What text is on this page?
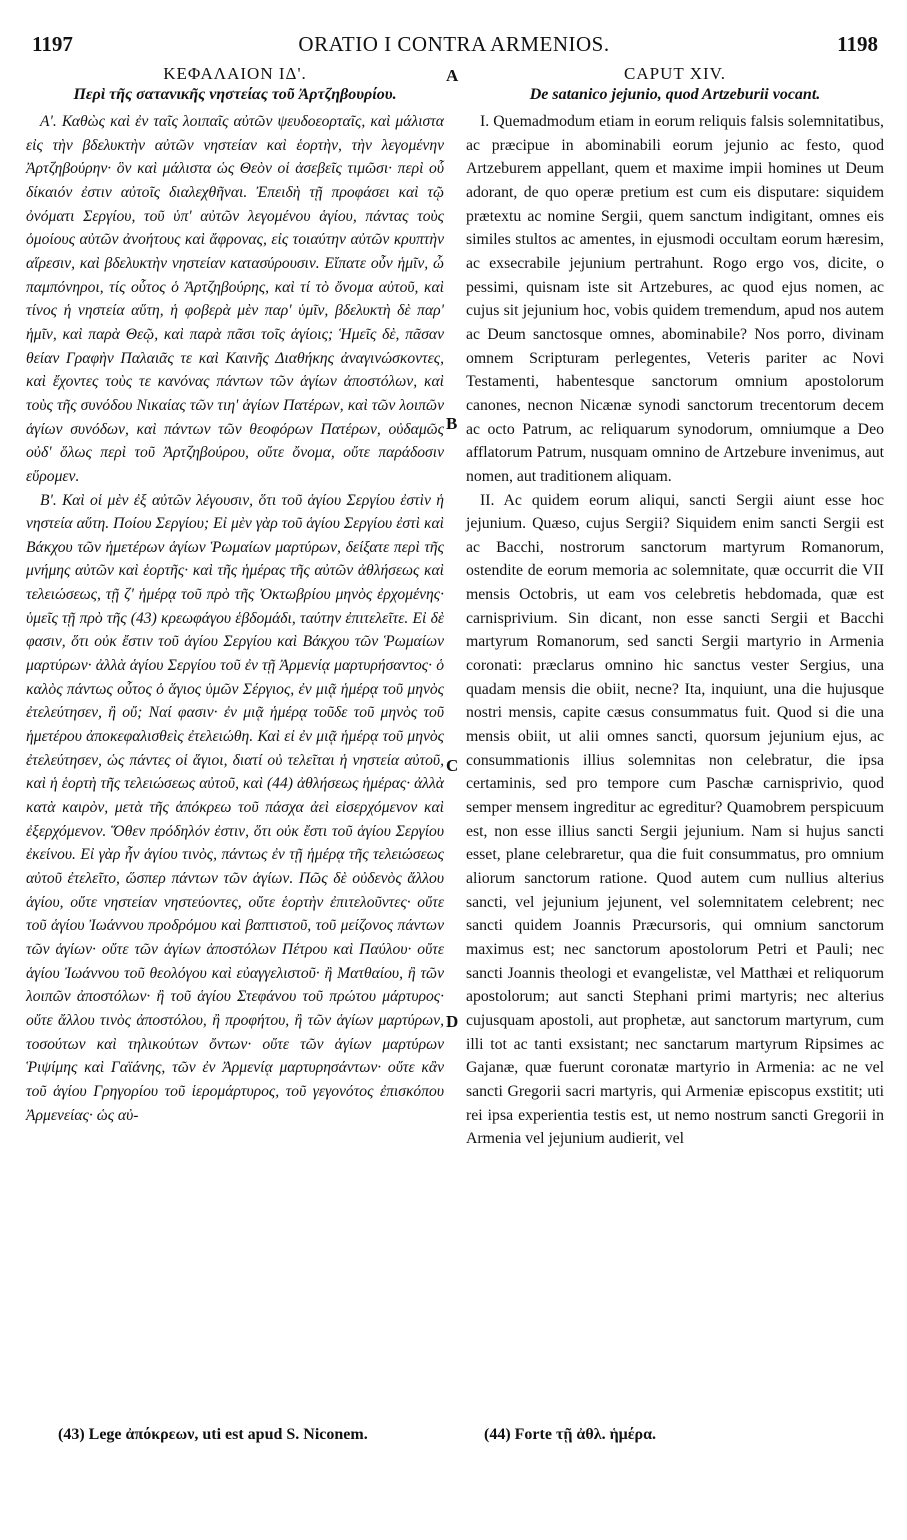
1197	ORATIO I CONTRA ARMENIOS.	1198
ΚΕΦΑΛΑΙΟΝ ΙΔ'.
Περὶ τῆς σατανικῆς νηστείας τοῦ Ἀρτζηβουρίου.

Α'. Καθὼς καὶ ἐν ταῖς λοιπαῖς αὐτῶν ψευδοεορταῖς, καὶ μάλιστα εἰς τὴν βδελυκτὴν αὐτῶν νηστείαν καὶ ἑορτὴν, τὴν λεγομένην Ἀρτζηβούρην· ὃν καὶ μάλιστα ὡς Θεὸν οἱ ἀσεβεῖς τιμῶσι· περὶ οὗ δίκαιόν ἐστιν αὐτοῖς διαλεχθῆναι. Ἐπειδὴ τῇ προφάσει καὶ τῷ ὀνόματι Σεργίου, τοῦ ὑπ' αὐτῶν λεγομένου ἁγίου, πάντας τοὺς ὁμοίους αὐτῶν ἀνοήτους καὶ ἄφρονας, εἰς τοιαύτην αὐτῶν κρυπτὴν αἵρεσιν, καὶ βδελυκτὴν νηστείαν κατασύρουσιν. Εἴπατε οὖν ἡμῖν, ὦ παμπόνηροι, τίς οὗτος ὁ Ἀρτζηβούρης, καὶ τί τὸ ὄνομα αὐτοῦ, καὶ τίνος ἡ νηστεία αὕτη, ἡ φοβερὰ μὲν παρ' ὑμῖν, βδελυκτὴ δὲ παρ' ἡμῖν, καὶ παρὰ Θεῷ, καὶ παρὰ πᾶσι τοῖς ἁγίοις; Ἡμεῖς δὲ, πᾶσαν θείαν Γραφὴν Παλαιᾶς τε καὶ Καινῆς Διαθήκης ἀναγινώσκοντες, καὶ ἔχοντες τοὺς τε κανόνας πάντων τῶν ἁγίων ἀποστόλων, καὶ τοὺς τῆς συνόδου Νικαίας τῶν τιη' ἁγίων Πατέρων, καὶ τῶν λοιπῶν ἁγίων συνόδων, καὶ πάντων τῶν θεοφόρων Πατέρων, οὐδαμῶς οὐδ' ὅλως περὶ τοῦ Ἀρτζηβούρου, οὔτε ὄνομα, οὔτε παράδοσιν εὕρομεν.

Β'. Καὶ οἱ μὲν ἐξ αὐτῶν λέγουσιν, ὅτι τοῦ ἁγίου Σεργίου ἐστὶν ἡ νηστεία αὕτη. Ποίου Σεργίου; Εἰ μὲν γὰρ τοῦ ἁγίου Σεργίου ἐστὶ καὶ Βάκχου τῶν ἡμετέρων ἁγίων Ῥωμαίων μαρτύρων, δείξατε περὶ τῆς μνήμης αὐτῶν καὶ ἑορτῆς· καὶ τῆς ἡμέρας τῆς αὐτῶν ἀθλήσεως καὶ τελειώσεως, τῇ ζ' ἡμέρᾳ τοῦ πρὸ τῆς Ὀκτωβρίου μηνὸς ἐρχομένης· ὑμεῖς τῇ πρὸ τῆς (43) κρεωφάγου ἑβδομάδι, ταύτην ἐπιτελεῖτε. Εἰ δὲ φασιν, ὅτι οὐκ ἔστιν τοῦ ἁγίου Σεργίου καὶ Βάκχου τῶν Ῥωμαίων μαρτύρων· ἀλλὰ ἁγίου Σεργίου τοῦ ἐν τῇ Ἀρμενίᾳ μαρτυρήσαντος· ὁ καλὸς πάντως οὗτος ὁ ἅγιος ὑμῶν Σέργιος, ἐν μιᾷ ἡμέρᾳ τοῦ μηνὸς ἐτελεύτησεν, ἢ οὔ; Ναί φασιν· ἐν μιᾷ ἡμέρᾳ τοῦδε τοῦ μηνὸς τοῦ ἡμετέρου ἀποκεφαλισθεὶς ἐτελειώθη. Καὶ εἰ ἐν μιᾷ ἡμέρᾳ τοῦ μηνὸς ἐτελεύτησεν, ὡς πάντες οἱ ἅγιοι, διατί οὐ τελεῖται ἡ νηστεία αὐτοῦ, καὶ ἡ ἑορτὴ τῆς τελειώσεως αὐτοῦ, καὶ (44) ἀθλήσεως ἡμέρας· ἀλλὰ κατὰ καιρὸν, μετὰ τῆς ἀπόκρεω τοῦ πάσχα ἀεὶ εἰσερχόμενον καὶ ἐξερχόμενον. Ὅθεν πρόδηλόν ἐστιν, ὅτι οὐκ ἔστι τοῦ ἁγίου Σεργίου ἐκείνου. Εἰ γὰρ ἦν ἁγίου τινὸς, πάντως ἐν τῇ ἡμέρᾳ τῆς τελειώσεως αὐτοῦ ἐτελεῖτο, ὥσπερ πάντων τῶν ἁγίων. Πῶς δὲ οὐδενὸς ἄλλου ἁγίου, οὔτε νηστείαν νηστεύοντες, οὔτε ἑορτὴν ἐπιτελοῦντες· οὔτε τοῦ ἁγίου Ἰωάννου προδρόμου καὶ βαπτιστοῦ, τοῦ μείζονος πάντων τῶν ἁγίων· οὔτε τῶν ἁγίων ἀποστόλων Πέτρου καὶ Παύλου· οὔτε ἁγίου Ἰωάννου τοῦ θεολόγου καὶ εὐαγγελιστοῦ· ἢ Ματθαίου, ἢ τῶν λοιπῶν ἀποστόλων· ἢ τοῦ ἁγίου Στεφάνου τοῦ πρώτου μάρτυρος· οὔτε ἄλλου τινὸς ἀποστόλου, ἢ προφήτου, ἢ τῶν ἁγίων μαρτύρων, τοσούτων καὶ τηλικούτων ὄντων· οὔτε τῶν ἁγίων μαρτύρων Ῥιψίμης καὶ Γαϊάνης, τῶν ἐν Ἀρμενίᾳ μαρτυρησάντων· οὔτε κἂν τοῦ ἁγίου Γρηγορίου τοῦ ἱερομάρτυρος, τοῦ γεγονότος ἐπισκόπου Ἀρμενείας· ὡς αὐ-

A
B
C
D
CAPUT XIV.
De satanico jejunio, quod Artzeburii vocant.

I. Quemadmodum etiam in eorum reliquis falsis solemnitatibus, ac præcipue in abominabili eorum jejunio ac festo, quod Artzeburem appellant, quem et maxime impii homines ut Deum adorant, de quo operæ pretium est cum eis disputare: siquidem prætextu ac nomine Sergii, quem sanctum indigitant, omnes eis similes stultos ac amentes, in ejusmodi occultam eorum hæresim, ac exsecrabile jejunium pertrahunt. Rogo ergo vos, dicite, o pessimi, quisnam iste sit Artzebures, ac quod ejus nomen, ac cujus sit jejunium hoc, vobis quidem tremendum, apud nos autem ac Deum sanctosque omnes, abominabile? Nos porro, divinam omnem Scripturam perlegentes, Veteris pariter ac Novi Testamenti, habentesque sanctorum omnium apostolorum canones, necnon Nicænæ synodi sanctorum trecentorum decem ac octo Patrum, ac reliquarum synodorum, omniumque a Deo afflatorum Patrum, nusquam omnino de Artzebure invenimus, aut nomen, aut traditionem aliquam.

II. Ac quidem eorum aliqui, sancti Sergii aiunt esse hoc jejunium. Quæso, cujus Sergii? Siquidem enim sancti Sergii est ac Bacchi, nostrorum sanctorum martyrum Romanorum, ostendite de eorum memoria ac solemnitate, quæ occurrit die VII mensis Octobris, ut eam vos celebretis hebdomada, quæ est carnisprivium. Sin dicant, non esse sancti Sergii et Bacchi martyrum Romanorum, sed sancti Sergii martyrio in Armenia coronati: præclarus omnino hic sanctus vester Sergius, una quadam mensis die obiit, necne? Ita, inquiunt, una die hujusque nostri mensis, capite cæsus consummatus fuit. Quod si die una mensis obiit, ut alii omnes sancti, quorsum jejunium ejus, ac consummationis illius solemnitas non celebratur, die ipsa certaminis, sed pro tempore cum Paschæ carnisprivio, quod semper mensem ingreditur ac egreditur? Quamobrem perspicuum est, non esse illius sancti Sergii jejunium. Nam si hujus sancti esset, plane celebraretur, qua die fuit consummatus, pro omnium aliorum sanctorum ratione. Quod autem cum nullius alterius sancti, vel jejunium jejunent, vel solemnitatem celebrent; nec sancti quidem Joannis Præcursoris, qui omnium sanctorum maximus est; nec sanctorum apostolorum Petri et Pauli; nec sancti Joannis theologi et evangelistæ, vel Matthæi et reliquorum apostolorum; aut sancti Stephani primi martyris; nec alterius cujusquam apostoli, aut prophetæ, aut sanctorum martyrum, cum illi tot ac tanti exsistant; nec sanctarum martyrum Ripsimes ac Gajanæ, quæ fuerunt coronatæ martyrio in Armenia: ac ne vel sancti Gregorii sacri martyris, qui Armeniæ episcopus exstitit; uti rei ipsa experientia testis est, ut nemo nostrum sancti Gregorii in Armenia vel jejunium audierit, vel

(43) Lege ἀπόκρεων, uti est apud S. Niconem.	(44) Forte τῇ ἀθλ. ἡμέρα.
